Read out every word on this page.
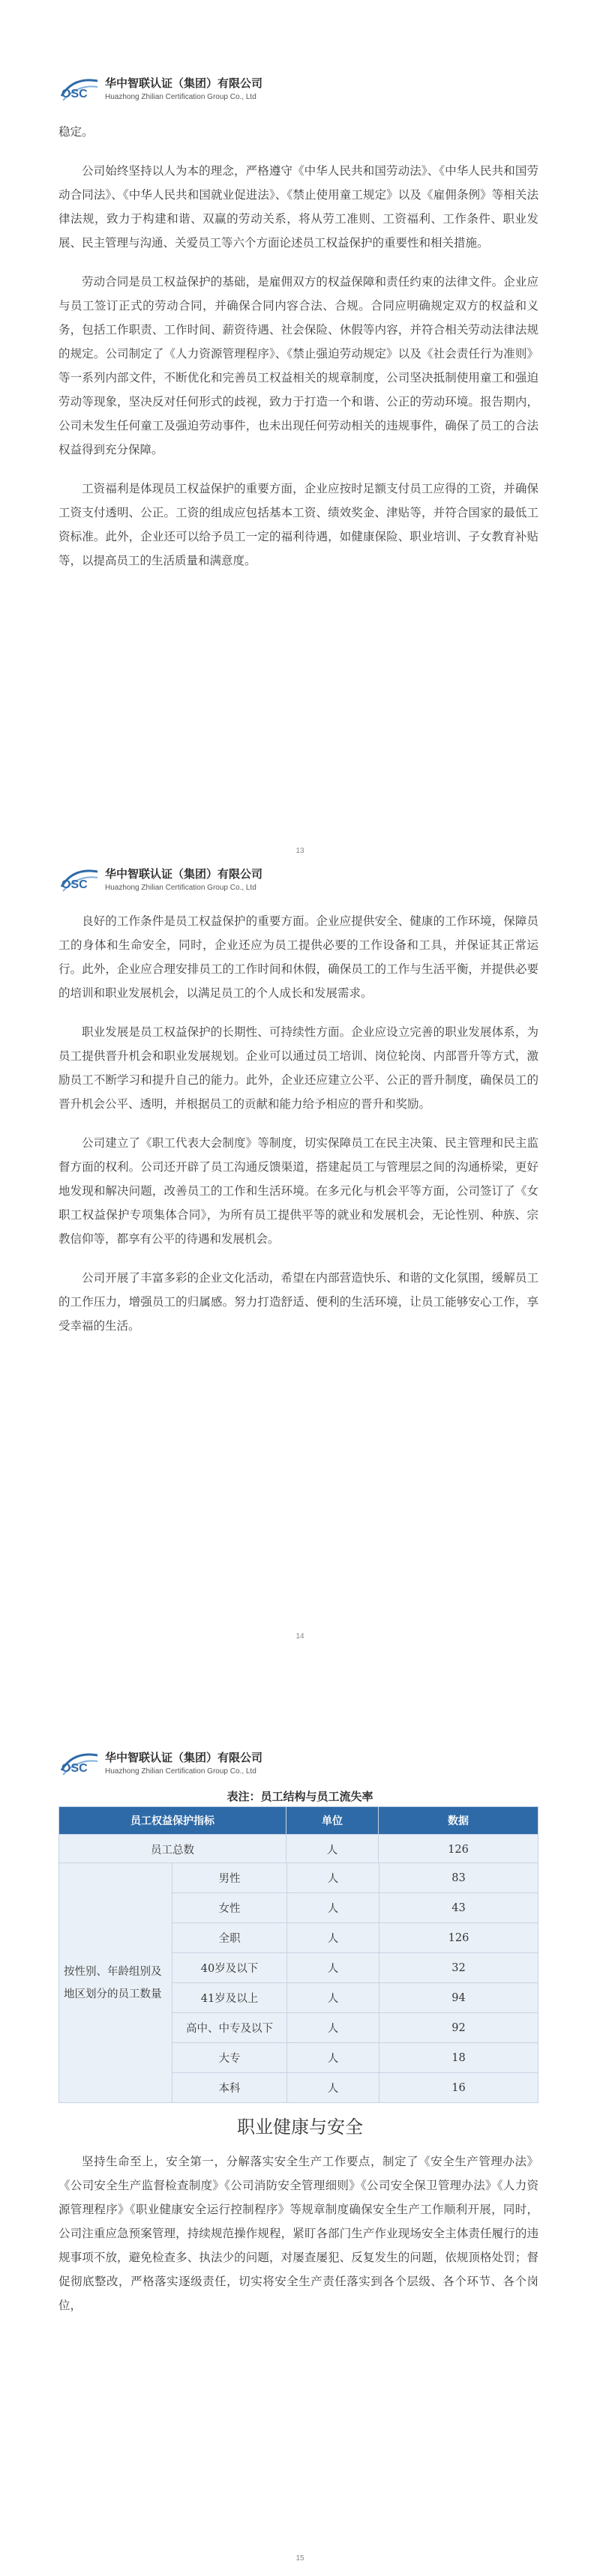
OSC
华中智联认证（集团）有限公司
Huazhong Zhilian Certification Group Co., Ltd

稳定。

公司始终坚持以人为本的理念，严格遵守《中华人民共和国劳动法》、《中华人民共和国劳动合同法》、《中华人民共和国就业促进法》、《禁止使用童工规定》以及《雇佣条例》等相关法律法规，致力于构建和谐、双赢的劳动关系，将从劳工准则、工资福利、工作条件、职业发展、民主管理与沟通、关爱员工等六个方面论述员工权益保护的重要性和相关措施。

劳动合同是员工权益保护的基础，是雇佣双方的权益保障和责任约束的法律文件。企业应与员工签订正式的劳动合同，并确保合同内容合法、合规。合同应明确规定双方的权益和义务，包括工作职责、工作时间、薪资待遇、社会保险、休假等内容，并符合相关劳动法律法规的规定。公司制定了《人力资源管理程序》、《禁止强迫劳动规定》以及《社会责任行为准则》等一系列内部文件，不断优化和完善员工权益相关的规章制度，公司坚决抵制使用童工和强迫劳动等现象，坚决反对任何形式的歧视，致力于打造一个和谐、公正的劳动环境。报告期内，公司未发生任何童工及强迫劳动事件，也未出现任何劳动相关的违规事件，确保了员工的合法权益得到充分保障。

工资福利是体现员工权益保护的重要方面，企业应按时足额支付员工应得的工资，并确保工资支付透明、公正。工资的组成应包括基本工资、绩效奖金、津贴等，并符合国家的最低工资标准。此外，企业还可以给予员工一定的福利待遇，如健康保险、职业培训、子女教育补贴等，以提高员工的生活质量和满意度。

13
OSC
华中智联认证（集团）有限公司
Huazhong Zhilian Certification Group Co., Ltd

良好的工作条件是员工权益保护的重要方面。企业应提供安全、健康的工作环境，保障员工的身体和生命安全，同时，企业还应为员工提供必要的工作设备和工具，并保证其正常运行。此外，企业应合理安排员工的工作时间和休假，确保员工的工作与生活平衡，并提供必要的培训和职业发展机会，以满足员工的个人成长和发展需求。

职业发展是员工权益保护的长期性、可持续性方面。企业应设立完善的职业发展体系，为员工提供晋升机会和职业发展规划。企业可以通过员工培训、岗位轮岗、内部晋升等方式，激励员工不断学习和提升自己的能力。此外，企业还应建立公平、公正的晋升制度，确保员工的晋升机会公平、透明，并根据员工的贡献和能力给予相应的晋升和奖励。

公司建立了《职工代表大会制度》等制度，切实保障员工在民主决策、民主管理和民主监督方面的权利。公司还开辟了员工沟通反馈渠道，搭建起员工与管理层之间的沟通桥梁，更好地发现和解决问题，改善员工的工作和生活环境。在多元化与机会平等方面，公司签订了《女职工权益保护专项集体合同》，为所有员工提供平等的就业和发展机会，无论性别、种族、宗教信仰等，都享有公平的待遇和发展机会。

公司开展了丰富多彩的企业文化活动，希望在内部营造快乐、和谐的文化氛围，缓解员工的工作压力，增强员工的归属感。努力打造舒适、便利的生活环境，让员工能够安心工作，享受幸福的生活。

14
OSC
华中智联认证（集团）有限公司
Huazhong Zhilian Certification Group Co., Ltd
表注：员工结构与员工流失率
员工权益保护指标	单位	数据
员工总数	人	126
按性别、年龄组别及地区划分的员工数量	男性	人	83
	女性	人	43
	全职	人	126
	40岁及以下	人	32
	41岁及以上	人	94
	高中、中专及以下	人	92
	大专	人	18
	本科	人	16
职业健康与安全

坚持生命至上，安全第一，分解落实安全生产工作要点，制定了《安全生产管理办法》《公司安全生产监督检查制度》《公司消防安全管理细则》《公司安全保卫管理办法》《人力资源管理程序》《职业健康安全运行控制程序》等规章制度确保安全生产工作顺利开展，同时，公司注重应急预案管理，持续规范操作规程，紧盯各部门生产作业现场安全主体责任履行的违规事项不放，避免检查多、执法少的问题，对屡查屡犯、反复发生的问题，依规顶格处罚；督促彻底整改，严格落实逐级责任，切实将安全生产责任落实到各个层级、各个环节、各个岗位，

15
